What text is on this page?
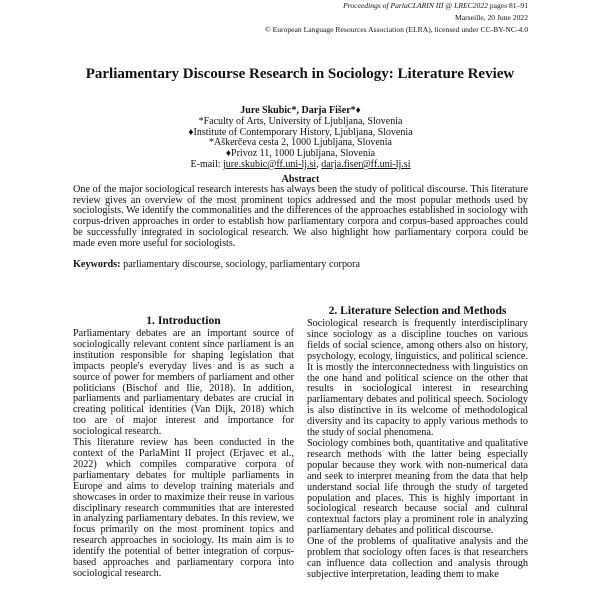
Proceedings of ParlaCLARIN III @ LREC2022 pages 81–91
Marseille, 20 June 2022
© European Language Resources Association (ELRA), licensed under CC-BY-NC-4.0
Parliamentary Discourse Research in Sociology: Literature Review
Jure Skubic*, Darja Fišer*♦
*Faculty of Arts, University of Ljubljana, Slovenia
♦Institute of Contemporary History, Ljubljana, Slovenia
*Aškerčeva cesta 2, 1000 Ljubljana, Slovenia
♦Privoz 11, 1000 Ljubljana, Slovenia
E-mail: jure.skubic@ff.uni-lj.si, darja.fiser@ff.uni-lj.si
Abstract

One of the major sociological research interests has always been the study of political discourse. This literature review gives an overview of the most prominent topics addressed and the most popular methods used by sociologists. We identify the commonalities and the differences of the approaches established in sociology with corpus-driven approaches in order to establish how parliamentary corpora and corpus-based approaches could be successfully integrated in sociological research. We also highlight how parliamentary corpora could be made even more useful for sociologists.

Keywords: parliamentary discourse, sociology, parliamentary corpora
1. Introduction

Parliamentary debates are an important source of sociologically relevant content since parliament is an institution responsible for shaping legislation that impacts people's everyday lives and is as such a source of power for members of parliament and other politicians (Bischof and Ilie, 2018). In addition, parliaments and parliamentary debates are crucial in creating political identities (Van Dijk, 2018) which too are of major interest and importance for sociological research.

This literature review has been conducted in the context of the ParlaMint II project (Erjavec et al., 2022) which compiles comparative corpora of parliamentary debates for multiple parliaments in Europe and aims to develop training materials and showcases in order to maximize their reuse in various disciplinary research communities that are interested in analyzing parliamentary debates. In this review, we focus primarily on the most prominent topics and research approaches in sociology. Its main aim is to identify the potential of better integration of corpus-based approaches and parliamentary corpora into sociological research.

2. Literature Selection and Methods

Sociological research is frequently interdisciplinary since sociology as a discipline touches on various fields of social science, among others also on history, psychology, ecology, linguistics, and political science. It is mostly the interconnectedness with linguistics on the one hand and political science on the other that results in sociological interest in researching parliamentary debates and political speech. Sociology is also distinctive in its welcome of methodological diversity and its capacity to apply various methods to the study of social phenomena.

Sociology combines both, quantitative and qualitative research methods with the latter being especially popular because they work with non-numerical data and seek to interpret meaning from the data that help understand social life through the study of targeted population and places. This is highly important in sociological research because social and cultural contextual factors play a prominent role in analyzing parliamentary debates and political discourse.

One of the problems of qualitative analysis and the problem that sociology often faces is that researchers can influence data collection and analysis through subjective interpretation, leading them to make
